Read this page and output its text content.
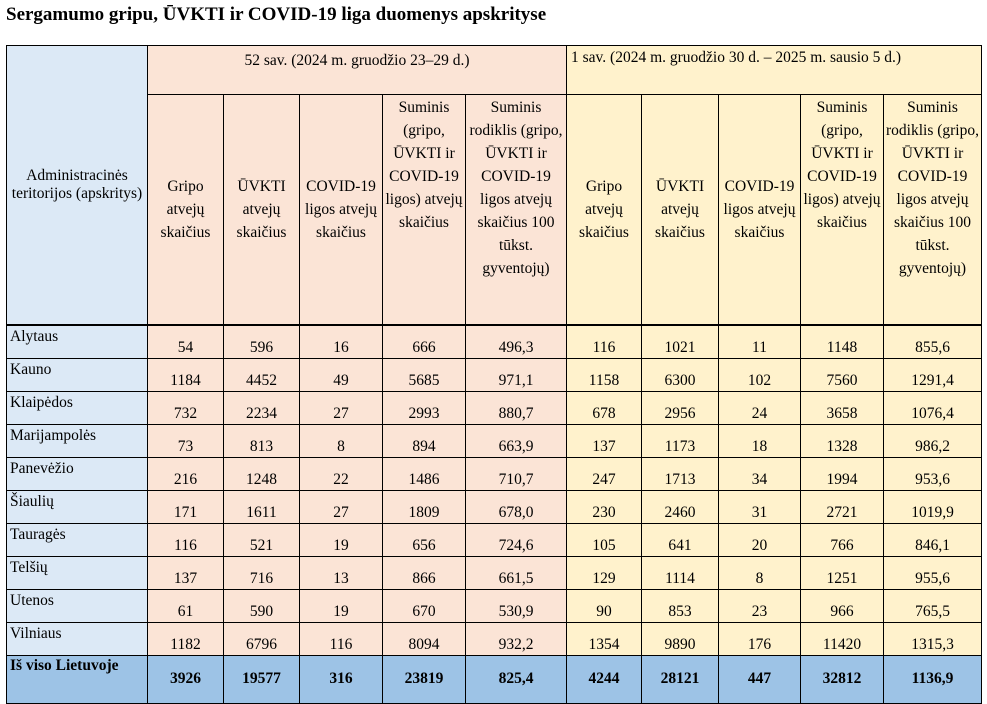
Sergamumo gripu, ŪVKTI ir COVID-19 liga duomenys apskrityse
Administracinės teritorijos (apskritys)	52 sav. (2024 m. gruodžio 23–29 d.)					1 sav. (2024 m. gruodžio 30 d. – 2025 m. sausio 5 d.)				
	Gripo atvejų skaičius	ŪVKTI atvejų skaičius	COVID-19 ligos atvejų skaičius	Suminis (gripo, ŪVKTI ir COVID-19 ligos) atvejų skaičius	Suminis rodiklis (gripo, ŪVKTI ir COVID-19 ligos atvejų skaičius 100 tūkst. gyventojų)	Gripo atvejų skaičius	ŪVKTI atvejų skaičius	COVID-19 ligos atvejų skaičius	Suminis (gripo, ŪVKTI ir COVID-19 ligos) atvejų skaičius	Suminis rodiklis (gripo, ŪVKTI ir COVID-19 ligos atvejų skaičius 100 tūkst. gyventojų)
Alytaus	54	596	16	666	496,3	116	1021	11	1148	855,6
Kauno	1184	4452	49	5685	971,1	1158	6300	102	7560	1291,4
Klaipėdos	732	2234	27	2993	880,7	678	2956	24	3658	1076,4
Marijampolės	73	813	8	894	663,9	137	1173	18	1328	986,2
Panevėžio	216	1248	22	1486	710,7	247	1713	34	1994	953,6
Šiaulių	171	1611	27	1809	678,0	230	2460	31	2721	1019,9
Tauragės	116	521	19	656	724,6	105	641	20	766	846,1
Telšių	137	716	13	866	661,5	129	1114	8	1251	955,6
Utenos	61	590	19	670	530,9	90	853	23	966	765,5
Vilniaus	1182	6796	116	8094	932,2	1354	9890	176	11420	1315,3
Iš viso Lietuvoje	3926	19577	316	23819	825,4	4244	28121	447	32812	1136,9
